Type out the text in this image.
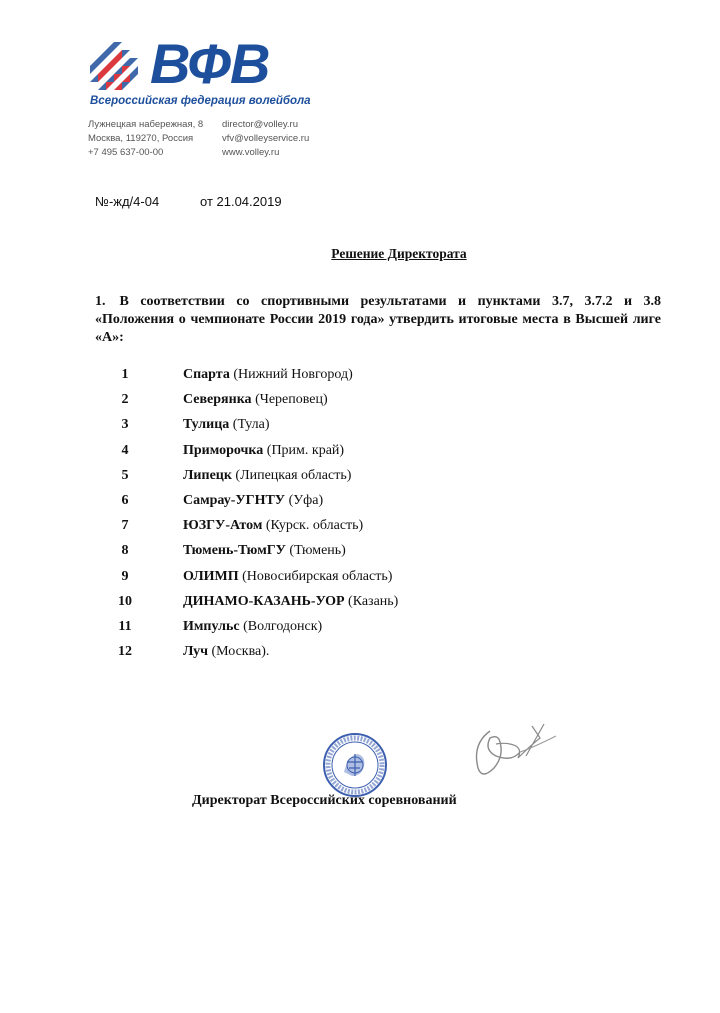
ВФВ
Всероссийская федерация волейбола
Лужнецкая набережная, 8
Москва, 119270, Россия
+7 495 637-00-00
director@volley.ru
vfv@volleyservice.ru
www.volley.ru
№-жд/4-04	от 21.04.2019
Решение Директората
1. В соответствии со спортивными результатами и пунктами 3.7, 3.7.2 и 3.8 «Положения о чемпионате России 2019 года» утвердить итоговые места в Высшей лиге «А»:
1	Спарта (Нижний Новгород)
2	Северянка (Череповец)
3	Тулица (Тула)
4	Приморочка (Прим. край)
5	Липецк (Липецкая область)
6	Самрау-УГНТУ (Уфа)
7	ЮЗГУ-Атом (Курск. область)
8	Тюмень-ТюмГУ (Тюмень)
9	ОЛИМП (Новосибирская область)
10	ДИНАМО-КАЗАНЬ-УОР (Казань)
11	Импульс (Волгодонск)
12	Луч (Москва).
Директорат Всероссийских соревнований
